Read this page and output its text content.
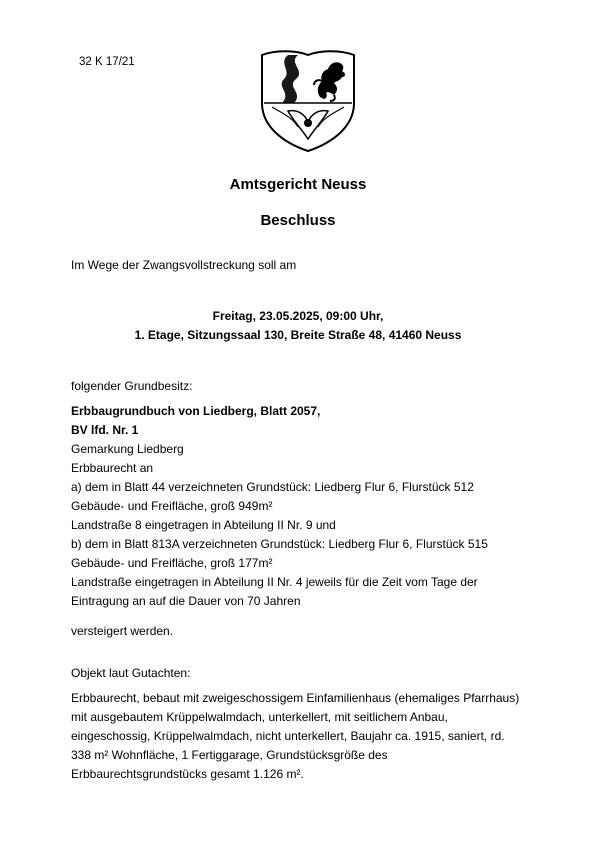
32 K 17/21
Amtsgericht Neuss
Beschluss
Im Wege der Zwangsvollstreckung soll am
Freitag, 23.05.2025, 09:00 Uhr,
1. Etage, Sitzungssaal 130, Breite Straße 48, 41460 Neuss
folgender Grundbesitz:
Erbbaugrundbuch von Liedberg, Blatt 2057,
BV lfd. Nr. 1
Gemarkung Liedberg
Erbbaurecht an
a) dem in Blatt 44 verzeichneten Grundstück: Liedberg Flur 6, Flurstück 512
Gebäude- und Freifläche, groß 949m²
Landstraße 8 eingetragen in Abteilung II Nr. 9 und
b) dem in Blatt 813A verzeichneten Grundstück: Liedberg Flur 6, Flurstück 515
Gebäude- und Freifläche, groß 177m²
Landstraße eingetragen in Abteilung II Nr. 4 jeweils für die Zeit vom Tage der
Eintragung an auf die Dauer von 70 Jahren
versteigert werden.
Objekt laut Gutachten:
Erbbaurecht, bebaut mit zweigeschossigem Einfamilienhaus (ehemaliges Pfarrhaus)
mit ausgebautem Krüppelwalmdach, unterkellert, mit seitlichem Anbau,
eingeschossig, Krüppelwalmdach, nicht unterkellert, Baujahr ca. 1915, saniert, rd.
338 m² Wohnfläche, 1 Fertiggarage, Grundstücksgröße des
Erbbaurechtsgrundstücks gesamt 1.126 m².
